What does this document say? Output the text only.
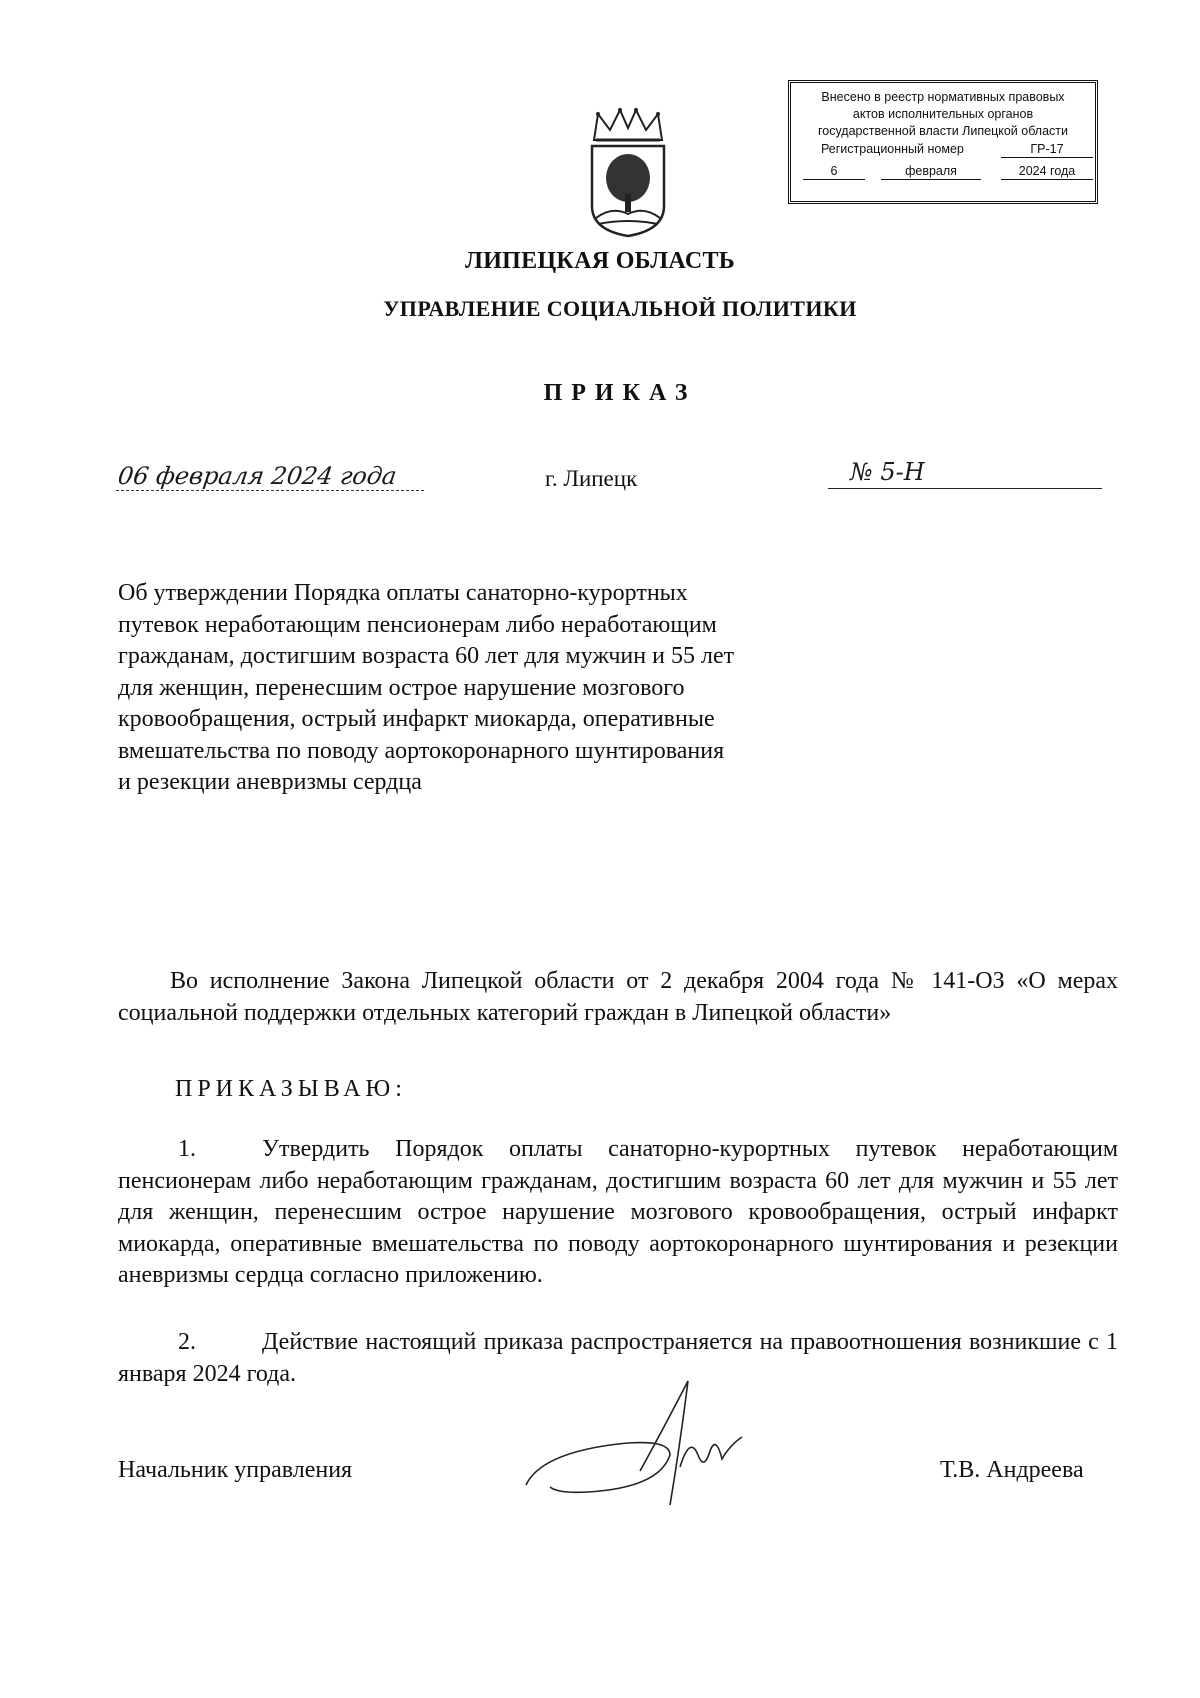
Внесено в реестр нормативных правовых
актов исполнительных органов
государственной власти Липецкой области
Регистрационный номер	ГР-17
6	февраля	2024 года
ЛИПЕЦКАЯ ОБЛАСТЬ
УПРАВЛЕНИЕ СОЦИАЛЬНОЙ ПОЛИТИКИ
ПРИКАЗ
06 февраля 2024 года	г. Липецк	№ 5-Н
Об утверждении Порядка оплаты санаторно-курортных путевок неработающим пенсионерам либо неработающим гражданам, достигшим возраста 60 лет для мужчин и 55 лет для женщин, перенесшим острое нарушение мозгового кровообращения, острый инфаркт миокарда, оперативные вмешательства по поводу аортокоронарного шунтирования и резекции аневризмы сердца
Во исполнение Закона Липецкой области от 2 декабря 2004 года № 141-ОЗ «О мерах социальной поддержки отдельных категорий граждан в Липецкой области»
ПРИКАЗЫВАЮ:
1.	Утвердить Порядок оплаты санаторно-курортных путевок неработающим пенсионерам либо неработающим гражданам, достигшим возраста 60 лет для мужчин и 55 лет для женщин, перенесшим острое нарушение мозгового кровообращения, острый инфаркт миокарда, оперативные вмешательства по поводу аортокоронарного шунтирования и резекции аневризмы сердца согласно приложению.
2.	Действие настоящий приказа распространяется на правоотношения возникшие с 1 января 2024 года.
Начальник управления	Т.В. Андреева
